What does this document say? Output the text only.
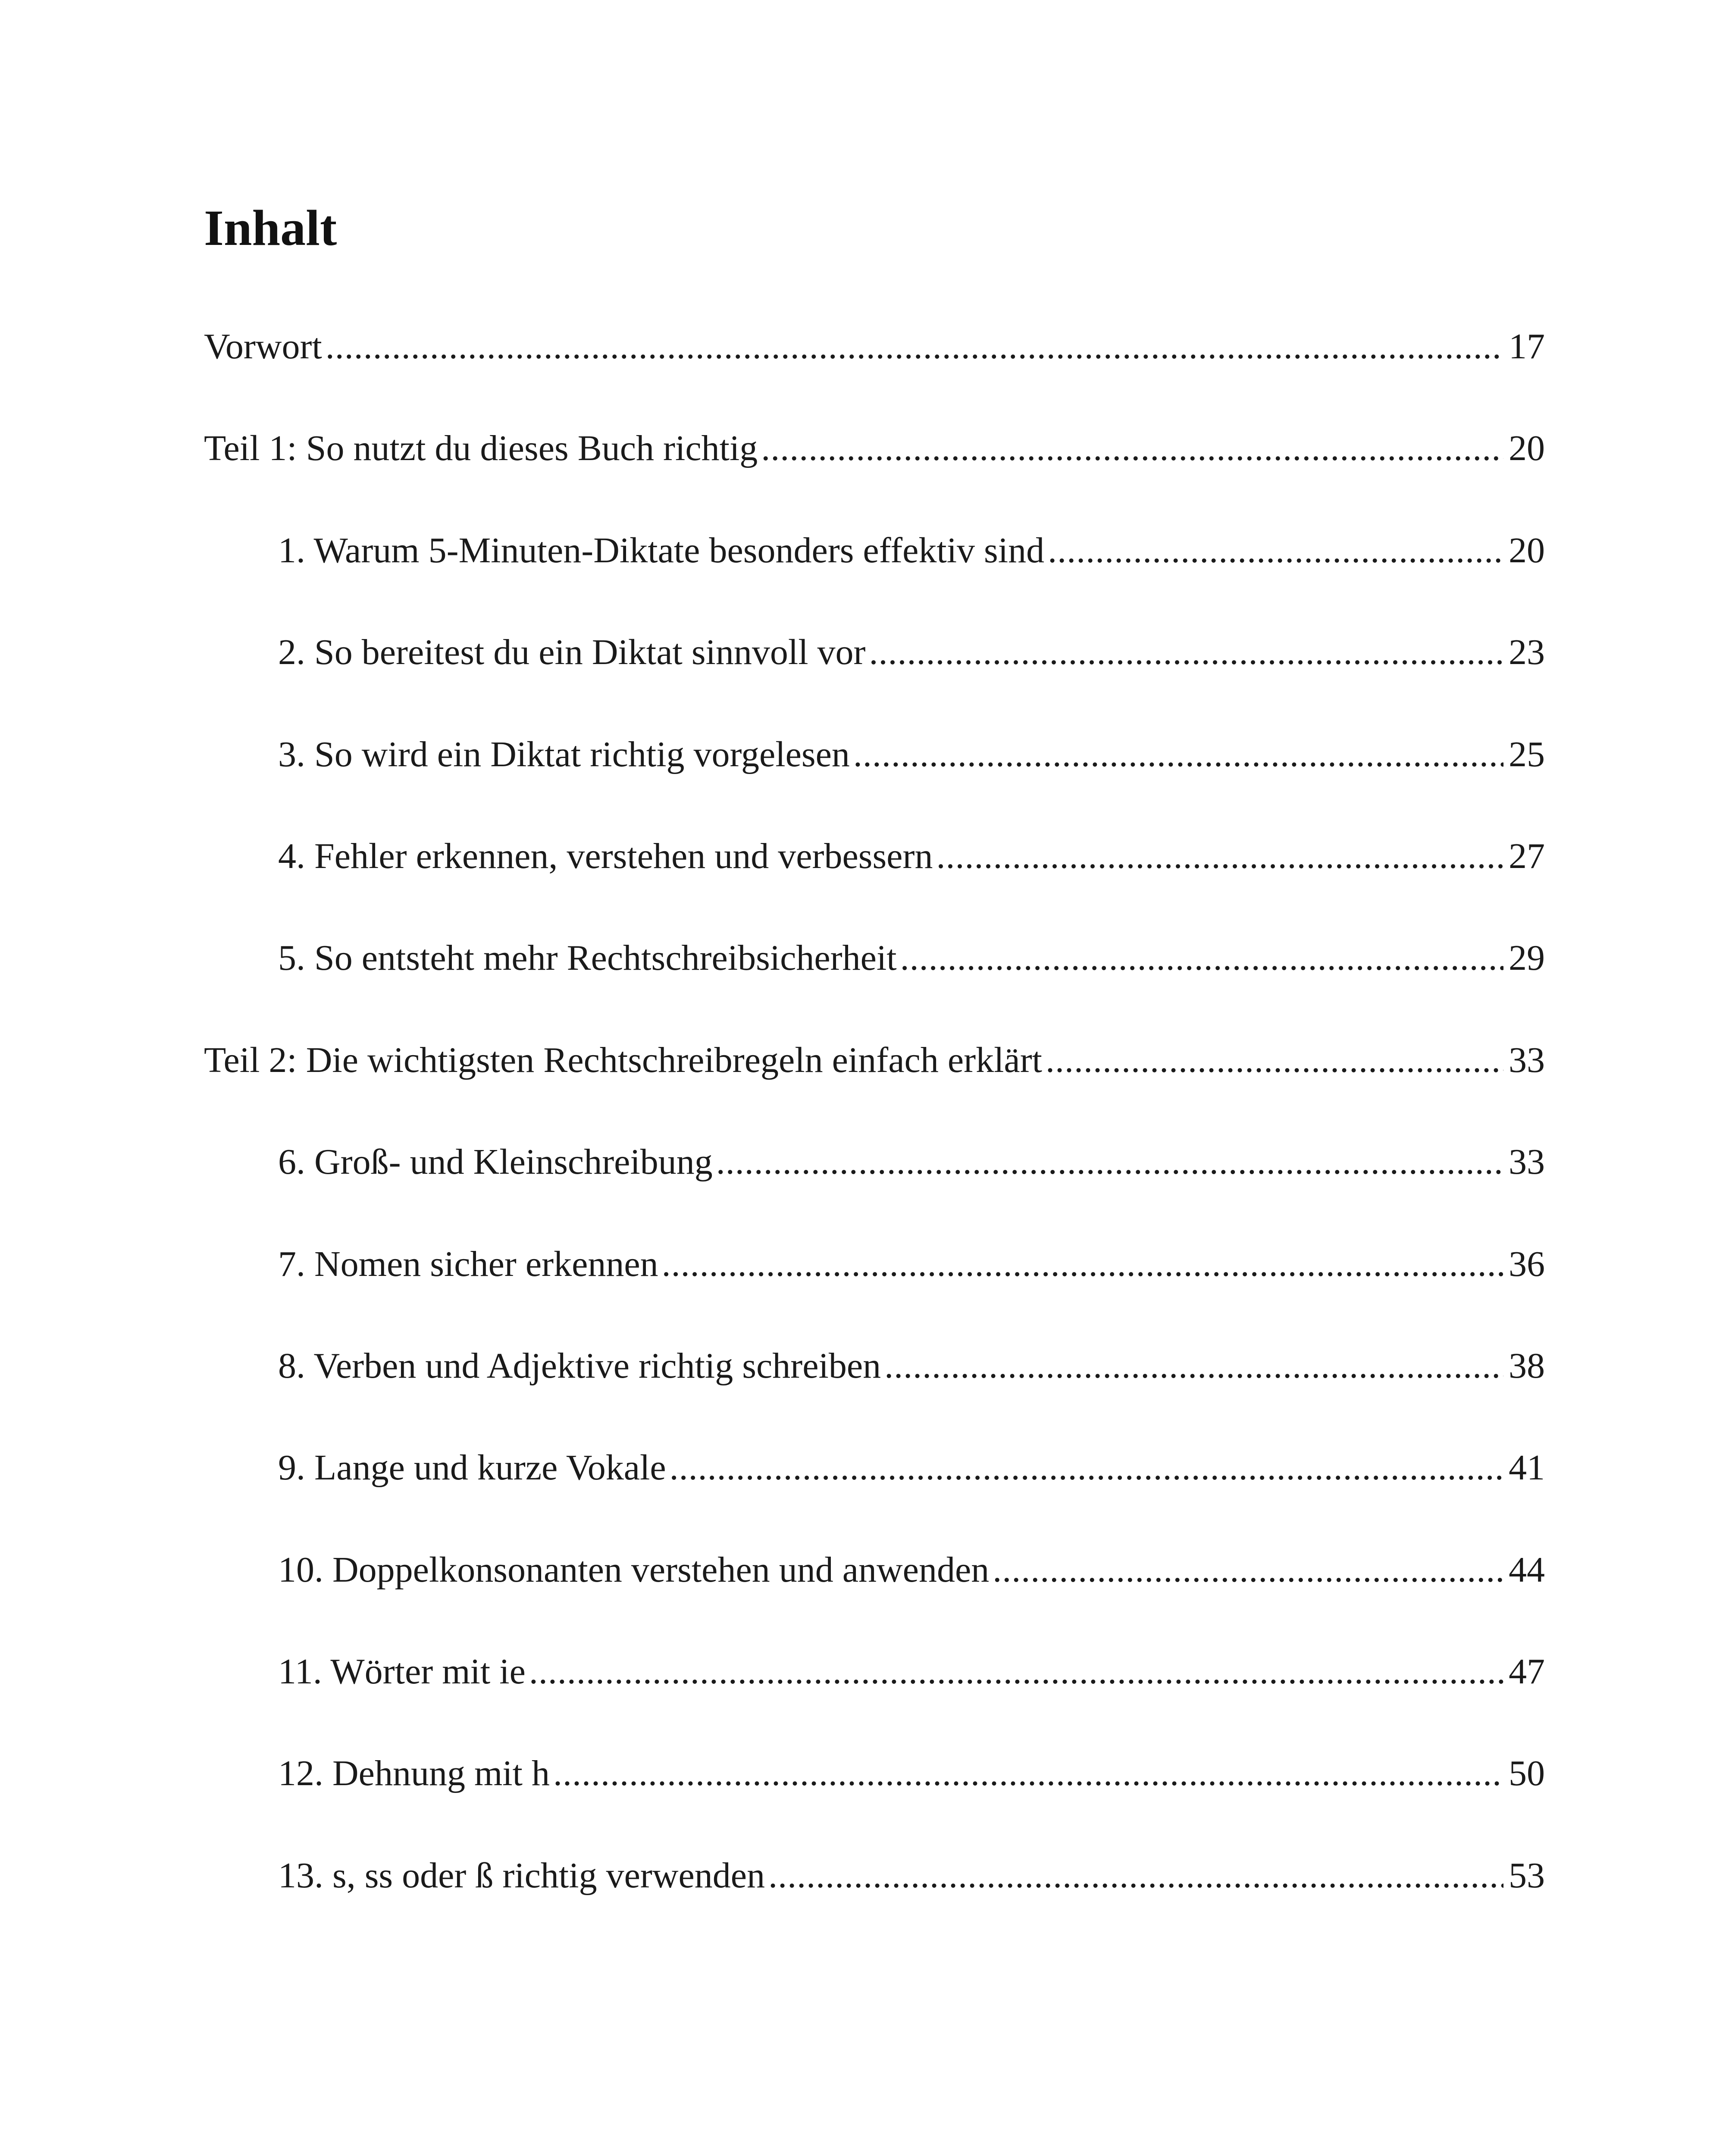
Inhalt
Vorwort .....	17
Teil 1: So nutzt du dieses Buch richtig .....	20
1. Warum 5-Minuten-Diktate besonders effektiv sind .....	20
2. So bereitest du ein Diktat sinnvoll vor .....	23
3. So wird ein Diktat richtig vorgelesen .....	25
4. Fehler erkennen, verstehen und verbessern .....	27
5. So entsteht mehr Rechtschreibsicherheit .....	29
Teil 2: Die wichtigsten Rechtschreibregeln einfach erklärt .....	33
6. Groß- und Kleinschreibung .....	33
7. Nomen sicher erkennen .....	36
8. Verben und Adjektive richtig schreiben .....	38
9. Lange und kurze Vokale .....	41
10. Doppelkonsonanten verstehen und anwenden .....	44
11. Wörter mit ie .....	47
12. Dehnung mit h .....	50
13. s, ss oder ß richtig verwenden .....	53
